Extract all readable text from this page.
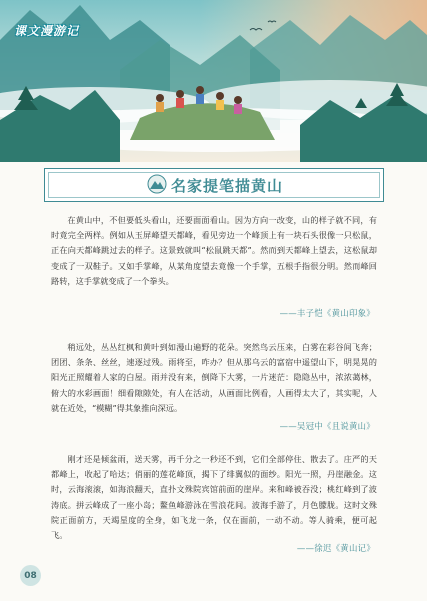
课文漫游记
名家提笔描黄山

在黄山中，不但要低头看山，还要面面看山。因为方向一改变，山的样子就不同，有时竟完全两样。例如从玉屏峰望天都峰，看见旁边一个峰顶上有一块石头很像一只松鼠，正在向天都峰跳过去的样子。这景致就叫“松鼠跳天都”。然而到天都峰上望去，这松鼠却变成了一双鞋子。又如手掌峰，从某角度望去竟像一个手掌，五根手指很分明。然而峰回路转，这手掌就变成了一个拳头。

——丰子恺《黄山印象》

稍远处，丛丛红枫和黄叶到如漫山遍野的花朵。突然鸟云压来，白雾在彩谷间飞奔；团团、条条、丝丝，速逐过残。雨将至，咋办？但从那乌云的富宿中遥望山下，明晃晃的阳光正照耀着人家的白屋。雨并没有来，倒降下大雾，一片迷茫：隐隐丛中，浓浓蔼林，俯大的水彩画面！细看隙隙处，有人在活动，从画面比例看，人画得太大了，其实呢，人就在近处，“模糊”得其象推向深远。

——吴冠中《且说黄山》

刚才还是倾盆雨，送天雾，再千分之一秒还不到，它们全部停住、散去了。庄严的天都峰上，收起了哈达；俏丽的莲花峰顶，揭下了绯翼似的面纱。阳光一照，丹崖融金。这时，云海滚滚，如海浪翻天，直扑文殊院宾馆前面的崖岸。来和峰被吞没；桃红峰到了波涛底。拼云峰成了一座小岛；鳌鱼峰游泳在雪浪花间。波海手游了，月色朦胧。这时文殊院正面前方，天竭星度的全身，如飞龙一条，仅在面前，一动不动。等人骑乘，便可起飞。

——徐迟《黄山记》
08
